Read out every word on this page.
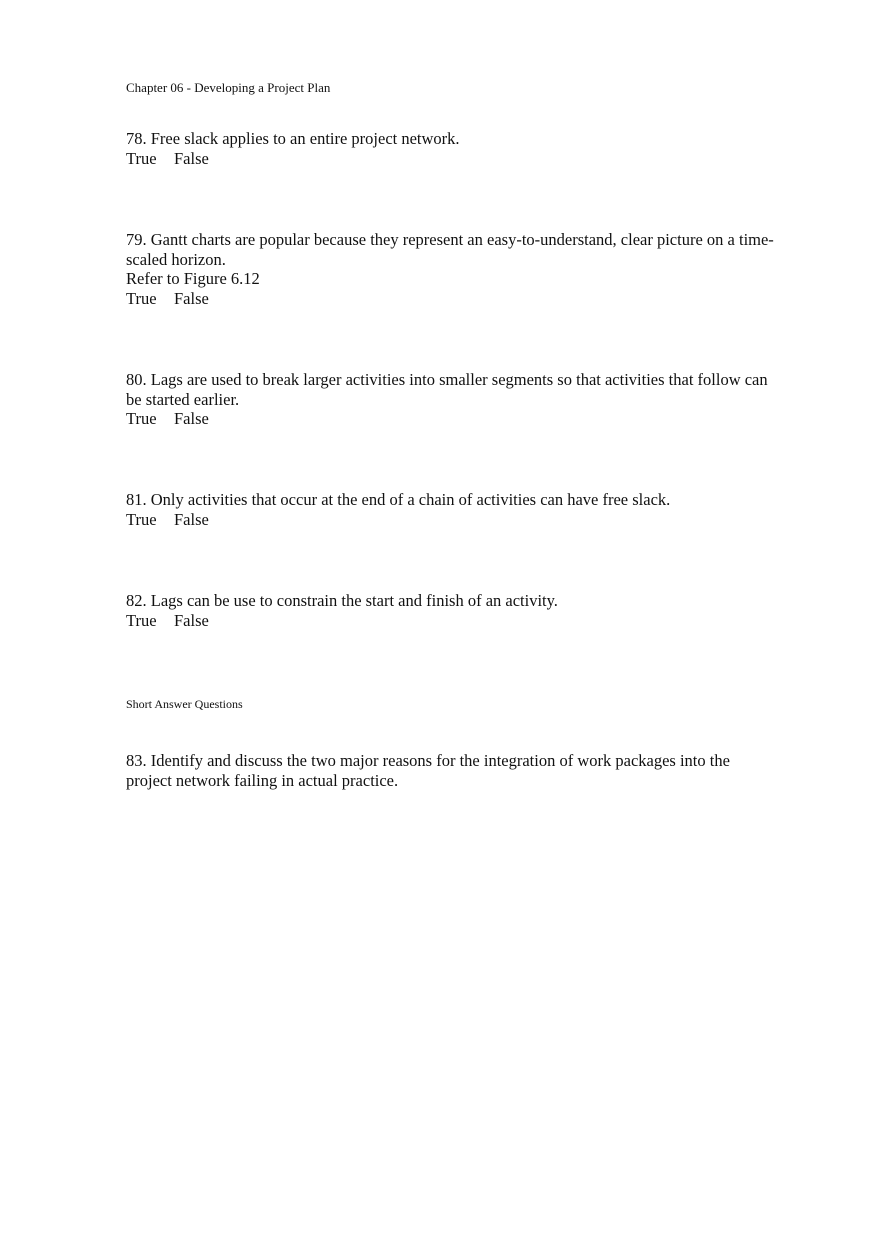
Chapter 06 - Developing a Project Plan

78. Free slack applies to an entire project network.

True False

79. Gantt charts are popular because they represent an easy-to-understand, clear picture on a time-scaled horizon.

Refer to Figure 6.12

True False

80. Lags are used to break larger activities into smaller segments so that activities that follow can be started earlier.

True False

81. Only activities that occur at the end of a chain of activities can have free slack.

True False

82. Lags can be use to constrain the start and finish of an activity.

True False

Short Answer Questions

83. Identify and discuss the two major reasons for the integration of work packages into the project network failing in actual practice.
